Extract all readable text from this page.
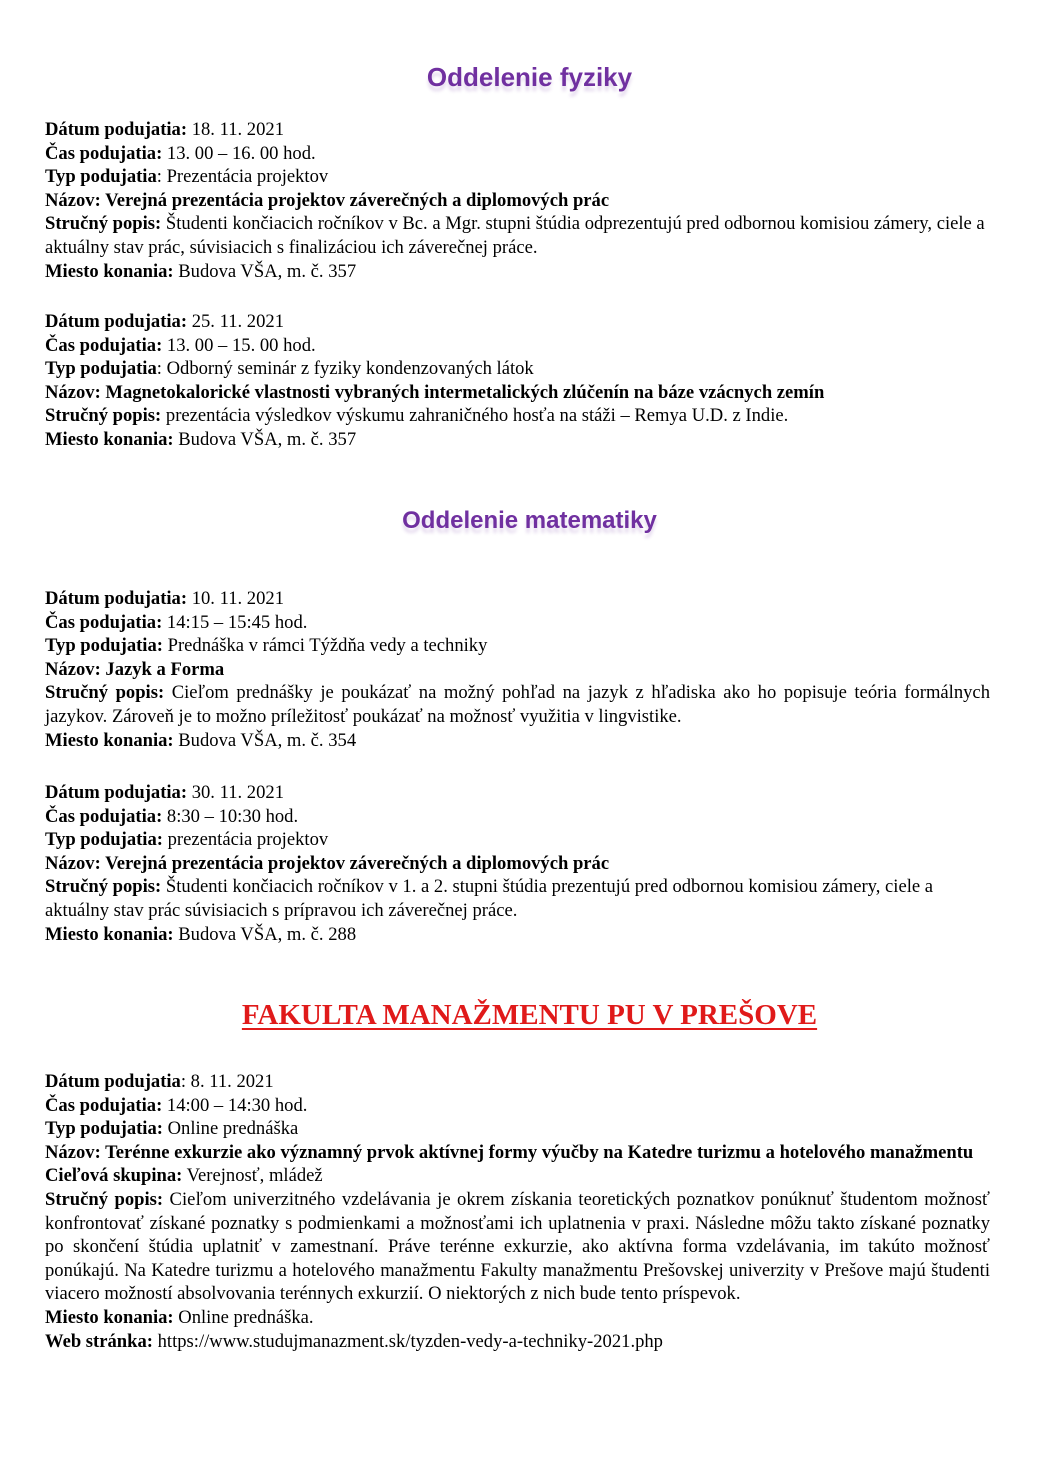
Oddelenie fyziky
Dátum podujatia: 18. 11. 2021
Čas podujatia: 13. 00 – 16. 00 hod.
Typ podujatia: Prezentácia projektov
Názov: Verejná prezentácia projektov záverečných a diplomových prác
Stručný popis: Študenti končiacich ročníkov v Bc. a Mgr. stupni štúdia odprezentujú pred odbornou komisiou zámery, ciele a aktuálny stav prác, súvisiacich s finalizáciou ich záverečnej práce.
Miesto konania: Budova VŠA, m. č. 357
Dátum podujatia: 25. 11. 2021
Čas podujatia: 13. 00 – 15. 00 hod.
Typ podujatia: Odborný seminár z fyziky kondenzovaných látok
Názov: Magnetokalorické vlastnosti vybraných intermetalických zlúčenín na báze vzácnych zemín
Stručný popis: prezentácia výsledkov výskumu zahraničného hosťa na stáži – Remya U.D. z Indie.
Miesto konania: Budova VŠA, m. č. 357
Oddelenie matematiky
Dátum podujatia: 10. 11. 2021
Čas podujatia: 14:15 – 15:45 hod.
Typ podujatia: Prednáška v rámci Týždňa vedy a techniky
Názov: Jazyk a Forma
Stručný popis: Cieľom prednášky je poukázať na možný pohľad na jazyk z hľadiska ako ho popisuje teória formálnych jazykov. Zároveň je to možno príležitosť poukázať na možnosť využitia v lingvistike.
Miesto konania: Budova VŠA, m. č. 354
Dátum podujatia: 30. 11. 2021
Čas podujatia: 8:30 – 10:30 hod.
Typ podujatia: prezentácia projektov
Názov: Verejná prezentácia projektov záverečných a diplomových prác
Stručný popis: Študenti končiacich ročníkov v 1. a 2. stupni štúdia prezentujú pred odbornou komisiou zámery, ciele a aktuálny stav prác súvisiacich s prípravou ich záverečnej práce.
Miesto konania: Budova VŠA, m. č. 288
FAKULTA MANAŽMENTU PU V PREŠOVE
Dátum podujatia: 8. 11. 2021
Čas podujatia: 14:00 – 14:30 hod.
Typ podujatia: Online prednáška
Názov: Terénne exkurzie ako významný prvok aktívnej formy výučby na Katedre turizmu a hotelového manažmentu
Cieľová skupina: Verejnosť, mládež
Stručný popis: Cieľom univerzitného vzdelávania je okrem získania teoretických poznatkov ponúknuť študentom možnosť konfrontovať získané poznatky s podmienkami a možnosťami ich uplatnenia v praxi. Následne môžu takto získané poznatky po skončení štúdia uplatniť v zamestnaní. Práve terénne exkurzie, ako aktívna forma vzdelávania, im takúto možnosť ponúkajú. Na Katedre turizmu a hotelového manažmentu Fakulty manažmentu Prešovskej univerzity v Prešove majú študenti viacero možností absolvovania terénnych exkurzií. O niektorých z nich bude tento príspevok.
Miesto konania: Online prednáška.
Web stránka: https://www.studujmanazment.sk/tyzden-vedy-a-techniky-2021.php
